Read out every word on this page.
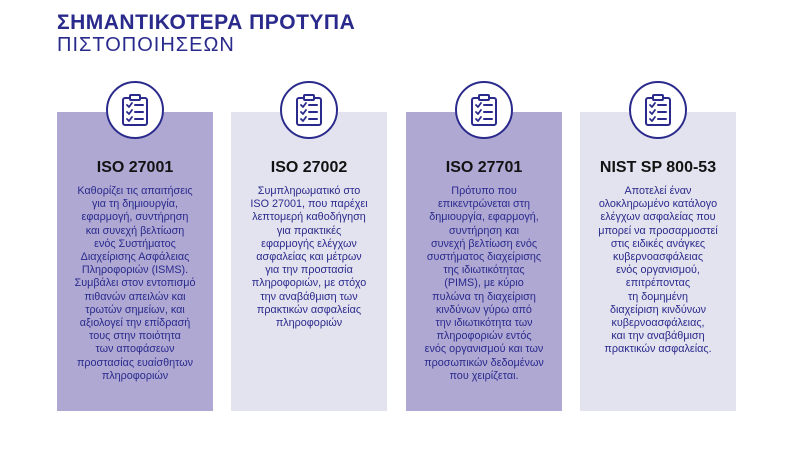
ΣΗΜΑΝΤΙΚΟΤΕΡΑ ΠΡΟΤΥΠΑ
ΠΙΣΤΟΠΟΙΗΣΕΩΝ
ISO 27001
Καθορίζει τις απαιτήσεις
για τη δημιουργία,
εφαρμογή, συντήρηση
και συνεχή βελτίωση
ενός Συστήματος
Διαχείρισης Ασφάλειας
Πληροφοριών (ISMS).
Συμβάλει στον εντοπισμό
πιθανών απειλών και
τρωτών σημείων, και
αξιολογεί την επίδρασή
τους στην ποιότητα
των αποφάσεων
προστασίας ευαίσθητων
πληροφοριών
ISO 27002
Συμπληρωματικό στο
ISO 27001, που παρέχει
λεπτομερή καθοδήγηση
για πρακτικές
εφαρμογής ελέγχων
ασφαλείας και μέτρων
για την προστασία
πληροφοριών, με στόχο
την αναβάθμιση των
πρακτικών ασφαλείας
πληροφοριών
ISO 27701
Πρότυπο που
επικεντρώνεται στη
δημιουργία, εφαρμογή,
συντήρηση και
συνεχή βελτίωση ενός
συστήματος διαχείρισης
της ιδιωτικότητας
(PIMS), με κύριο
πυλώνα τη διαχείριση
κινδύνων γύρω από
την ιδιωτικότητα των
πληροφοριών εντός
ενός οργανισμού και των
προσωπικών δεδομένων
που χειρίζεται.
NIST SP 800-53
Αποτελεί έναν
ολοκληρωμένο κατάλογο
ελέγχων ασφαλείας που
μπορεί να προσαρμοστεί
στις ειδικές ανάγκες
κυβερνοασφάλειας
ενός οργανισμού,
επιτρέποντας
τη δομημένη
διαχείριση κινδύνων
κυβερνοασφάλειας,
και την αναβάθμιση
πρακτικών ασφαλείας.
